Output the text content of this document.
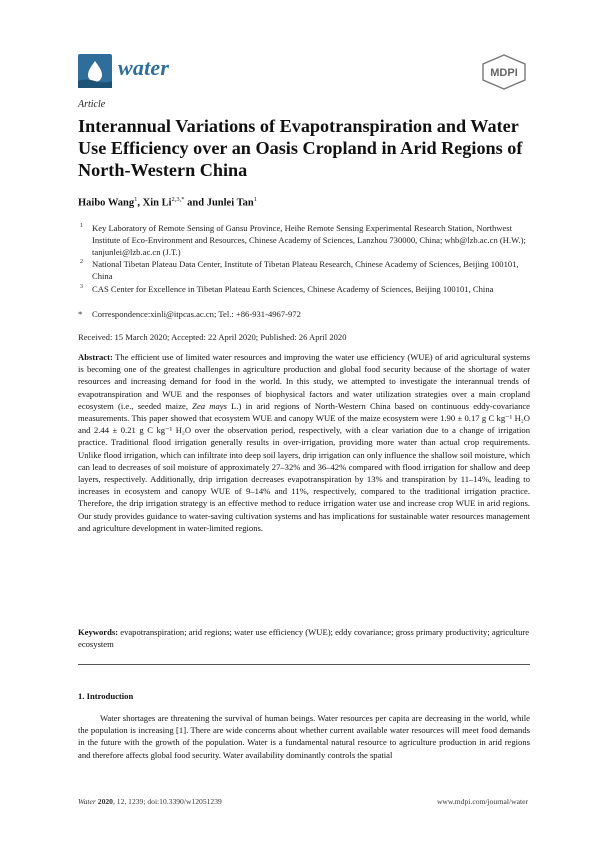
water	MDPI
Article
Interannual Variations of Evapotranspiration and Water Use Efficiency over an Oasis Cropland in Arid Regions of North-Western China
Haibo Wang$^1$, Xin $Li^{2,3,*}$ and Junlei Tan$^1$
1 Key Laboratory of Remote Sensing of Gansu Province, Heihe Remote Sensing Experimental Research Station, Northwest Institute of Eco-Environment and Resources, Chinese Academy of Sciences, Lanzhou 730000, China; whb@lzb.ac.cn (H.W.); tanjunlei@lzb.ac.cn (J.T.)
2 National Tibetan Plateau Data Center, Institute of Tibetan Plateau Research, Chinese Academy of Sciences, Beijing 100101, China
3 CAS Center for Excellence in Tibetan Plateau Earth Sciences, Chinese Academy of Sciences, Beijing 100101, China
* Correspondence:xinli@itpcas.ac.cn; Tel.: +86-931-4967-972
Received: 15 March 2020; Accepted: 22 April 2020; Published: 26 April 2020
Abstract: The efficient use of limited water resources and improving the water use efficiency (WUE) of arid agricultural systems is becoming one of the greatest challenges in agriculture production and global food security because of the shortage of water resources and increasing demand for food in the world. In this study, we attempted to investigate the interannual trends of evapotranspiration and WUE and the responses of biophysical factors and water utilization strategies over a main cropland ecosystem (i.e., seeded maize, Zea mays L.) in arid regions of North-Western China based on continuous eddy-covariance measurements. This paper showed that ecosystem WUE and canopy WUE of the maize ecosystem were 1.90 ± 0.17 g C kg⁻¹ H₂O and 2.44 ± 0.21 g C kg⁻¹ H₂O over the observation period, respectively, with a clear variation due to a change of irrigation practice. Traditional flood irrigation generally results in over-irrigation, providing more water than actual crop requirements. Unlike flood irrigation, which can infiltrate into deep soil layers, drip irrigation can only influence the shallow soil moisture, which can lead to decreases of soil moisture of approximately 27–32% and 36–42% compared with flood irrigation for shallow and deep layers, respectively. Additionally, drip irrigation decreases evapotranspiration by 13% and transpiration by 11–14%, leading to increases in ecosystem and canopy WUE of 9–14% and 11%, respectively, compared to the traditional irrigation practice. Therefore, the drip irrigation strategy is an effective method to reduce irrigation water use and increase crop WUE in arid regions. Our study provides guidance to water-saving cultivation systems and has implications for sustainable water resources management and agriculture development in water-limited regions.
Keywords: evapotranspiration; arid regions; water use efficiency (WUE); eddy covariance; gross primary productivity; agriculture ecosystem
1. Introduction
Water shortages are threatening the survival of human beings. Water resources per capita are decreasing in the world, while the population is increasing [1]. There are wide concerns about whether current available water resources will meet food demands in the future with the growth of the population. Water is a fundamental natural resource to agriculture production in arid regions and therefore affects global food security. Water availability dominantly controls the spatial
Water 2020, 12, 1239; doi:10.3390/w12051239	www.mdpi.com/journal/water
